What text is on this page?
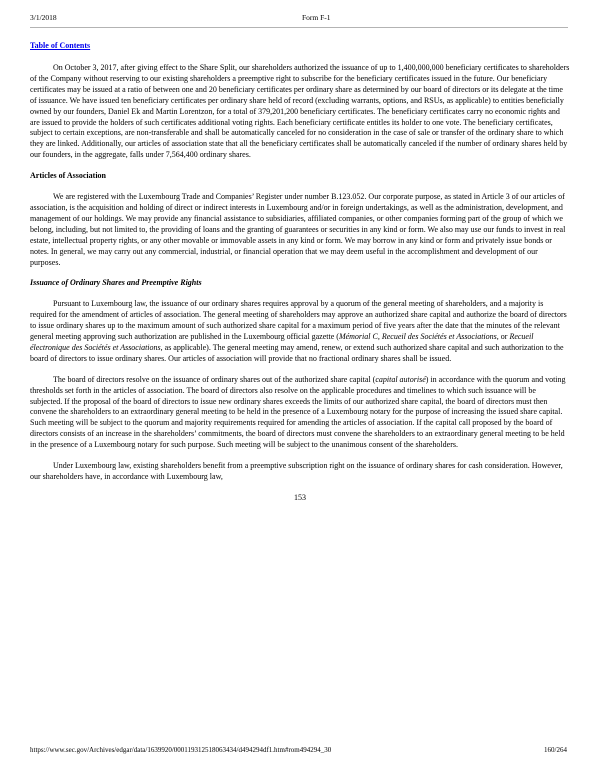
3/1/2018	Form F-1
Table of Contents

On October 3, 2017, after giving effect to the Share Split, our shareholders authorized the issuance of up to 1,400,000,000 beneficiary certificates to shareholders of the Company without reserving to our existing shareholders a preemptive right to subscribe for the beneficiary certificates issued in the future. Our beneficiary certificates may be issued at a ratio of between one and 20 beneficiary certificates per ordinary share as determined by our board of directors or its delegate at the time of issuance. We have issued ten beneficiary certificates per ordinary share held of record (excluding warrants, options, and RSUs, as applicable) to entities beneficially owned by our founders, Daniel Ek and Martin Lorentzon, for a total of 379,201,200 beneficiary certificates. The beneficiary certificates carry no economic rights and are issued to provide the holders of such certificates additional voting rights. Each beneficiary certificate entitles its holder to one vote. The beneficiary certificates, subject to certain exceptions, are non-transferable and shall be automatically canceled for no consideration in the case of sale or transfer of the ordinary share to which they are linked. Additionally, our articles of association state that all the beneficiary certificates shall be automatically canceled if the number of ordinary shares held by our founders, in the aggregate, falls under 7,564,400 ordinary shares.

Articles of Association

We are registered with the Luxembourg Trade and Companies’ Register under number B.123.052. Our corporate purpose, as stated in Article 3 of our articles of association, is the acquisition and holding of direct or indirect interests in Luxembourg and/or in foreign undertakings, as well as the administration, development, and management of our holdings. We may provide any financial assistance to subsidiaries, affiliated companies, or other companies forming part of the group of which we belong, including, but not limited to, the providing of loans and the granting of guarantees or securities in any kind or form. We also may use our funds to invest in real estate, intellectual property rights, or any other movable or immovable assets in any kind or form. We may borrow in any kind or form and privately issue bonds or notes. In general, we may carry out any commercial, industrial, or financial operation that we may deem useful in the accomplishment and development of our purposes.

Issuance of Ordinary Shares and Preemptive Rights

Pursuant to Luxembourg law, the issuance of our ordinary shares requires approval by a quorum of the general meeting of shareholders, and a majority is required for the amendment of articles of association. The general meeting of shareholders may approve an authorized share capital and authorize the board of directors to issue ordinary shares up to the maximum amount of such authorized share capital for a maximum period of five years after the date that the minutes of the relevant general meeting approving such authorization are published in the Luxembourg official gazette (Mémorial C, Recueil des Sociétés et Associations, or Recueil électronique des Sociétés et Associations, as applicable). The general meeting may amend, renew, or extend such authorized share capital and such authorization to the board of directors to issue ordinary shares. Our articles of association will provide that no fractional ordinary shares shall be issued.

The board of directors resolve on the issuance of ordinary shares out of the authorized share capital (capital autorisé) in accordance with the quorum and voting thresholds set forth in the articles of association. The board of directors also resolve on the applicable procedures and timelines to which such issuance will be subjected. If the proposal of the board of directors to issue new ordinary shares exceeds the limits of our authorized share capital, the board of directors must then convene the shareholders to an extraordinary general meeting to be held in the presence of a Luxembourg notary for the purpose of increasing the issued share capital. Such meeting will be subject to the quorum and majority requirements required for amending the articles of association. If the capital call proposed by the board of directors consists of an increase in the shareholders’ commitments, the board of directors must convene the shareholders to an extraordinary general meeting to be held in the presence of a Luxembourg notary for such purpose. Such meeting will be subject to the unanimous consent of the shareholders.

Under Luxembourg law, existing shareholders benefit from a preemptive subscription right on the issuance of ordinary shares for cash consideration. However, our shareholders have, in accordance with Luxembourg law,

153

https://www.sec.gov/Archives/edgar/data/1639920/000119312518063434/d494294df1.htm#rom494294_30	160/264
